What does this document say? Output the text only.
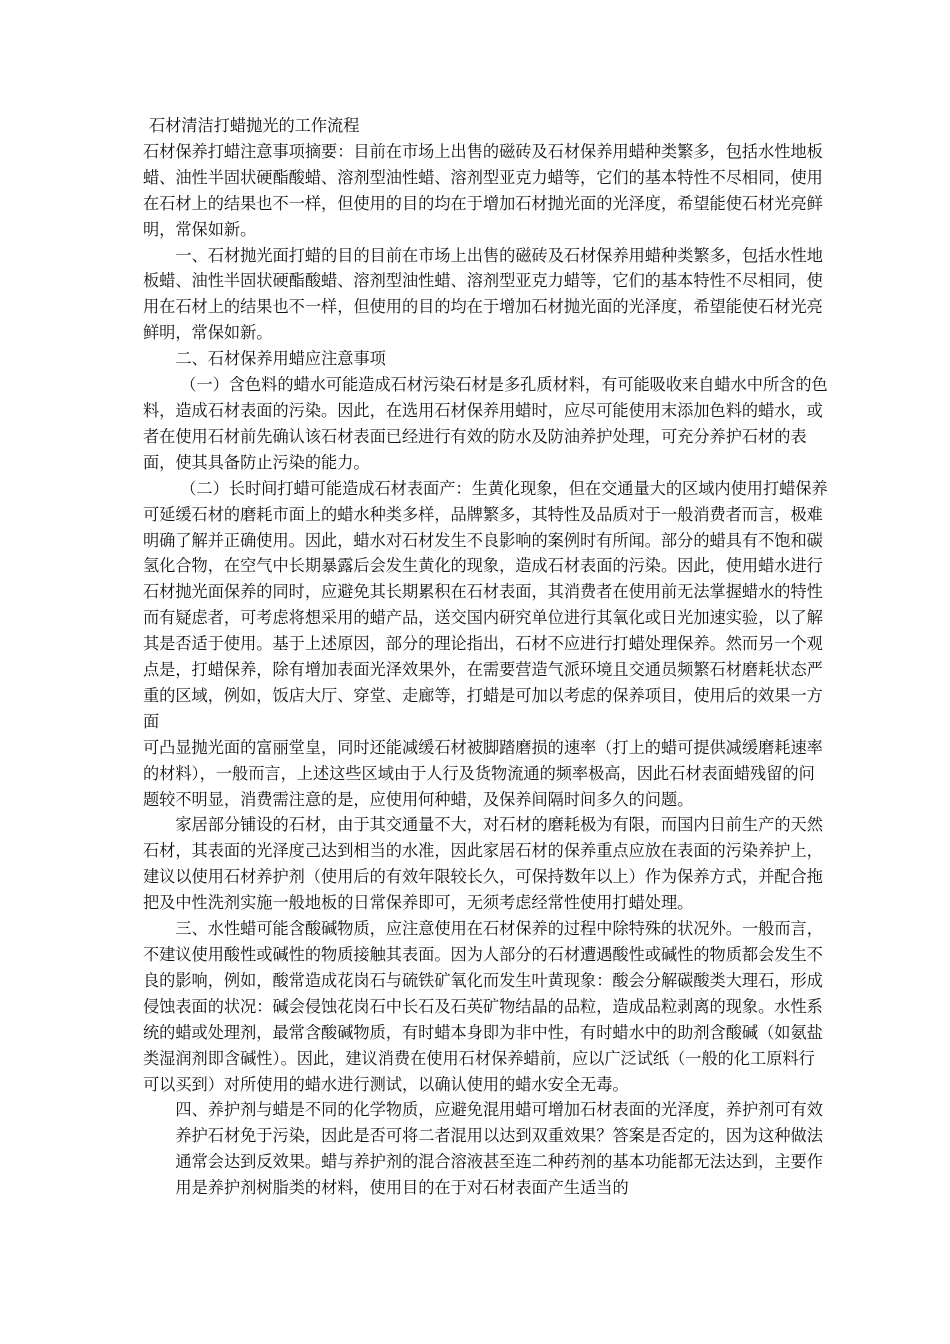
石材清洁打蜡抛光的工作流程

石材保养打蜡注意事项摘要：目前在市场上出售的磁砖及石材保养用蜡种类繁多，包括水性地板蜡、油性半固状硬酯酸蜡、溶剂型油性蜡、溶剂型亚克力蜡等，它们的基本特性不尽相同，使用在石材上的结果也不一样，但使用的目的均在于增加石材抛光面的光泽度，希望能使石材光亮鲜明，常保如新。

一、石材抛光面打蜡的目的目前在市场上出售的磁砖及石材保养用蜡种类繁多，包括水性地板蜡、油性半固状硬酯酸蜡、溶剂型油性蜡、溶剂型亚克力蜡等，它们的基本特性不尽相同，使用在石材上的结果也不一样，但使用的目的均在于增加石材抛光面的光泽度，希望能使石材光亮鲜明，常保如新。

二、石材保养用蜡应注意事项

（一）含色料的蜡水可能造成石材污染石材是多孔质材料，有可能吸收来自蜡水中所含的色料，造成石材表面的污染。因此，在选用石材保养用蜡时，应尽可能使用末添加色料的蜡水，或者在使用石材前先确认该石材表面已经进行有效的防水及防油养护处理，可充分养护石材的表面，使其具备防止污染的能力。

（二）长时间打蜡可能造成石材表面产：生黄化现象，但在交通量大的区域内使用打蜡保养可延缓石材的磨耗市面上的蜡水种类多样，品牌繁多，其特性及品质对于一般消费者而言，极难明确了解并正确使用。因此，蜡水对石材发生不良影响的案例时有所闻。部分的蜡具有不饱和碳氢化合物，在空气中长期暴露后会发生黄化的现象，造成石材表面的污染。因此，使用蜡水进行石材抛光面保养的同时，应避免其长期累积在石材表面，其消费者在使用前无法掌握蜡水的特性而有疑虑者，可考虑将想采用的蜡产品，送交国内研究单位进行其氧化或日光加速实验，以了解其是否适于使用。基于上述原因，部分的理论指出，石材不应进行打蜡处理保养。然而另一个观点是，打蜡保养，除有增加表面光泽效果外，在需要营造气派环境且交通员频繁石材磨耗状态严重的区域，例如，饭店大厅、穿堂、走廊等，打蜡是可加以考虑的保养项目，使用后的效果一方面

可凸显抛光面的富丽堂皇，同时还能减缓石材被脚踏磨损的速率（打上的蜡可提供减缓磨耗速率的材料），一般而言，上述这些区域由于人行及货物流通的频率极高，因此石材表面蜡残留的问题较不明显，消费需注意的是，应使用何种蜡，及保养间隔时间多久的问题。

家居部分铺设的石材，由于其交通量不大，对石材的磨耗极为有限，而国内日前生产的天然石材，其表面的光泽度己达到相当的水准，因此家居石材的保养重点应放在表面的污染养护上，建议以使用石材养护剂（使用后的有效年限较长久，可保持数年以上）作为保养方式，并配合拖把及中性洗剂实施一般地板的日常保养即可，无须考虑经常性使用打蜡处理。

三、水性蜡可能含酸碱物质，应注意使用在石材保养的过程中除特殊的状况外。一般而言，不建议使用酸性或碱性的物质接触其表面。因为人部分的石材遭遇酸性或碱性的物质都会发生不良的影响，例如，酸常造成花岗石与硫铁矿氧化而发生叶黄现象：酸会分解碳酸类大理石，形成侵蚀表面的状况：碱会侵蚀花岗石中长石及石英矿物结晶的品粒，造成品粒剥离的现象。水性系统的蜡或处理剂，最常含酸碱物质，有时蜡本身即为非中性，有时蜡水中的助剂含酸碱（如氨盐类湿润剂即含碱性）。因此，建议消费在使用石材保养蜡前，应以广泛试纸（一般的化工原料行可以买到）对所使用的蜡水进行测试，以确认使用的蜡水安全无毒。

四、养护剂与蜡是不同的化学物质，应避免混用蜡可增加石材表面的光泽度，养护剂可有效养护石材免于污染，因此是否可将二者混用以达到双重效果？答案是否定的，因为这种做法通常会达到反效果。蜡与养护剂的混合溶液甚至连二种药剂的基本功能都无法达到，主要作用是养护剂树脂类的材料，使用目的在于对石材表面产生适当的
